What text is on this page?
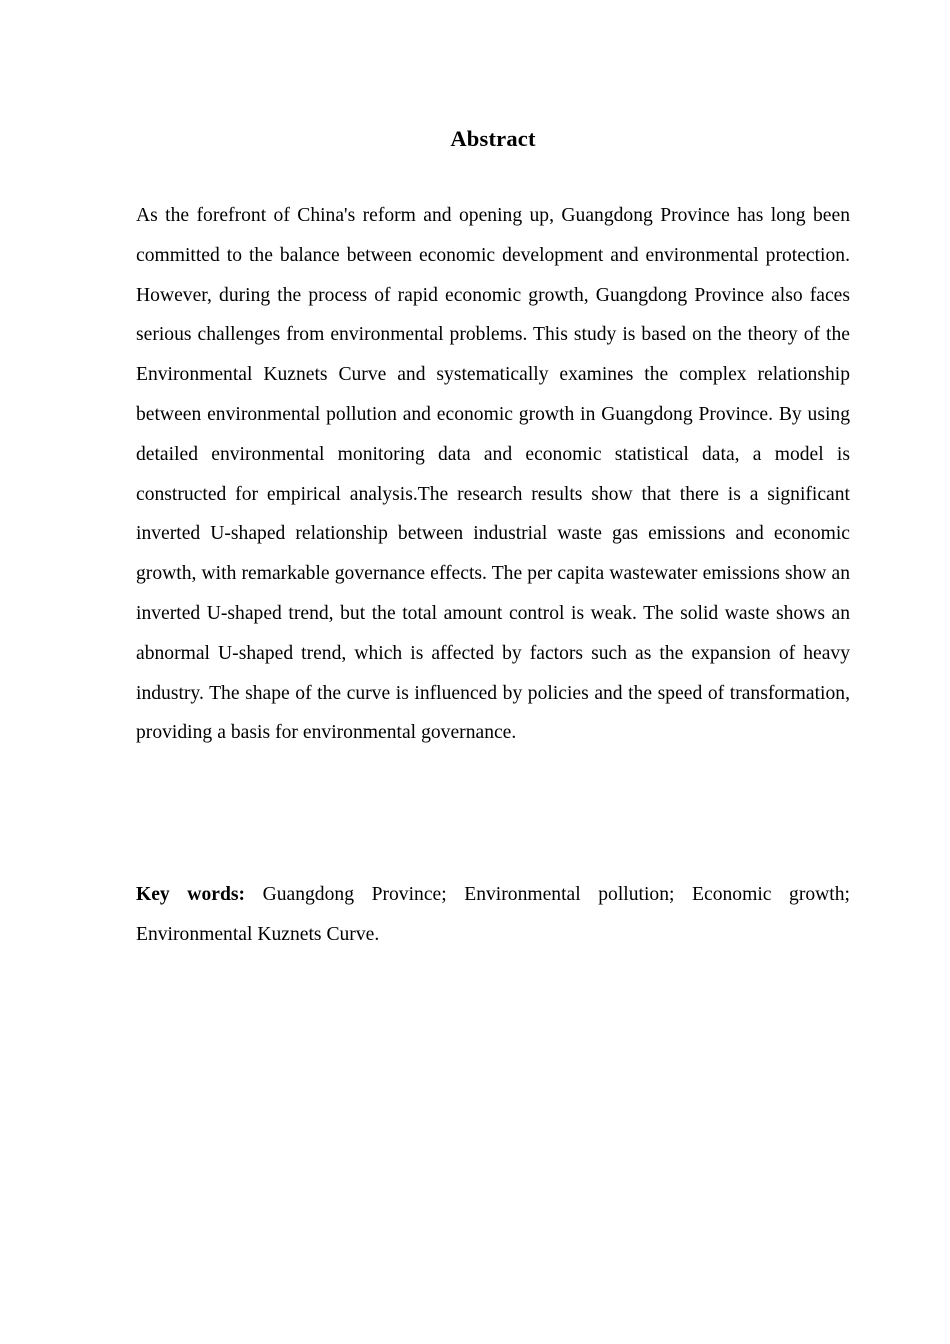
Abstract

As the forefront of China's reform and opening up, Guangdong Province has long been committed to the balance between economic development and environmental protection. However, during the process of rapid economic growth, Guangdong Province also faces serious challenges from environmental problems. This study is based on the theory of the Environmental Kuznets Curve and systematically examines the complex relationship between environmental pollution and economic growth in Guangdong Province. By using detailed environmental monitoring data and economic statistical data, a model is constructed for empirical analysis.The research results show that there is a significant inverted U-shaped relationship between industrial waste gas emissions and economic growth, with remarkable governance effects. The per capita wastewater emissions show an inverted U-shaped trend, but the total amount control is weak. The solid waste shows an abnormal U-shaped trend, which is affected by factors such as the expansion of heavy industry. The shape of the curve is influenced by policies and the speed of transformation, providing a basis for environmental governance.

Key words: Guangdong Province; Environmental pollution; Economic growth; Environmental Kuznets Curve.
